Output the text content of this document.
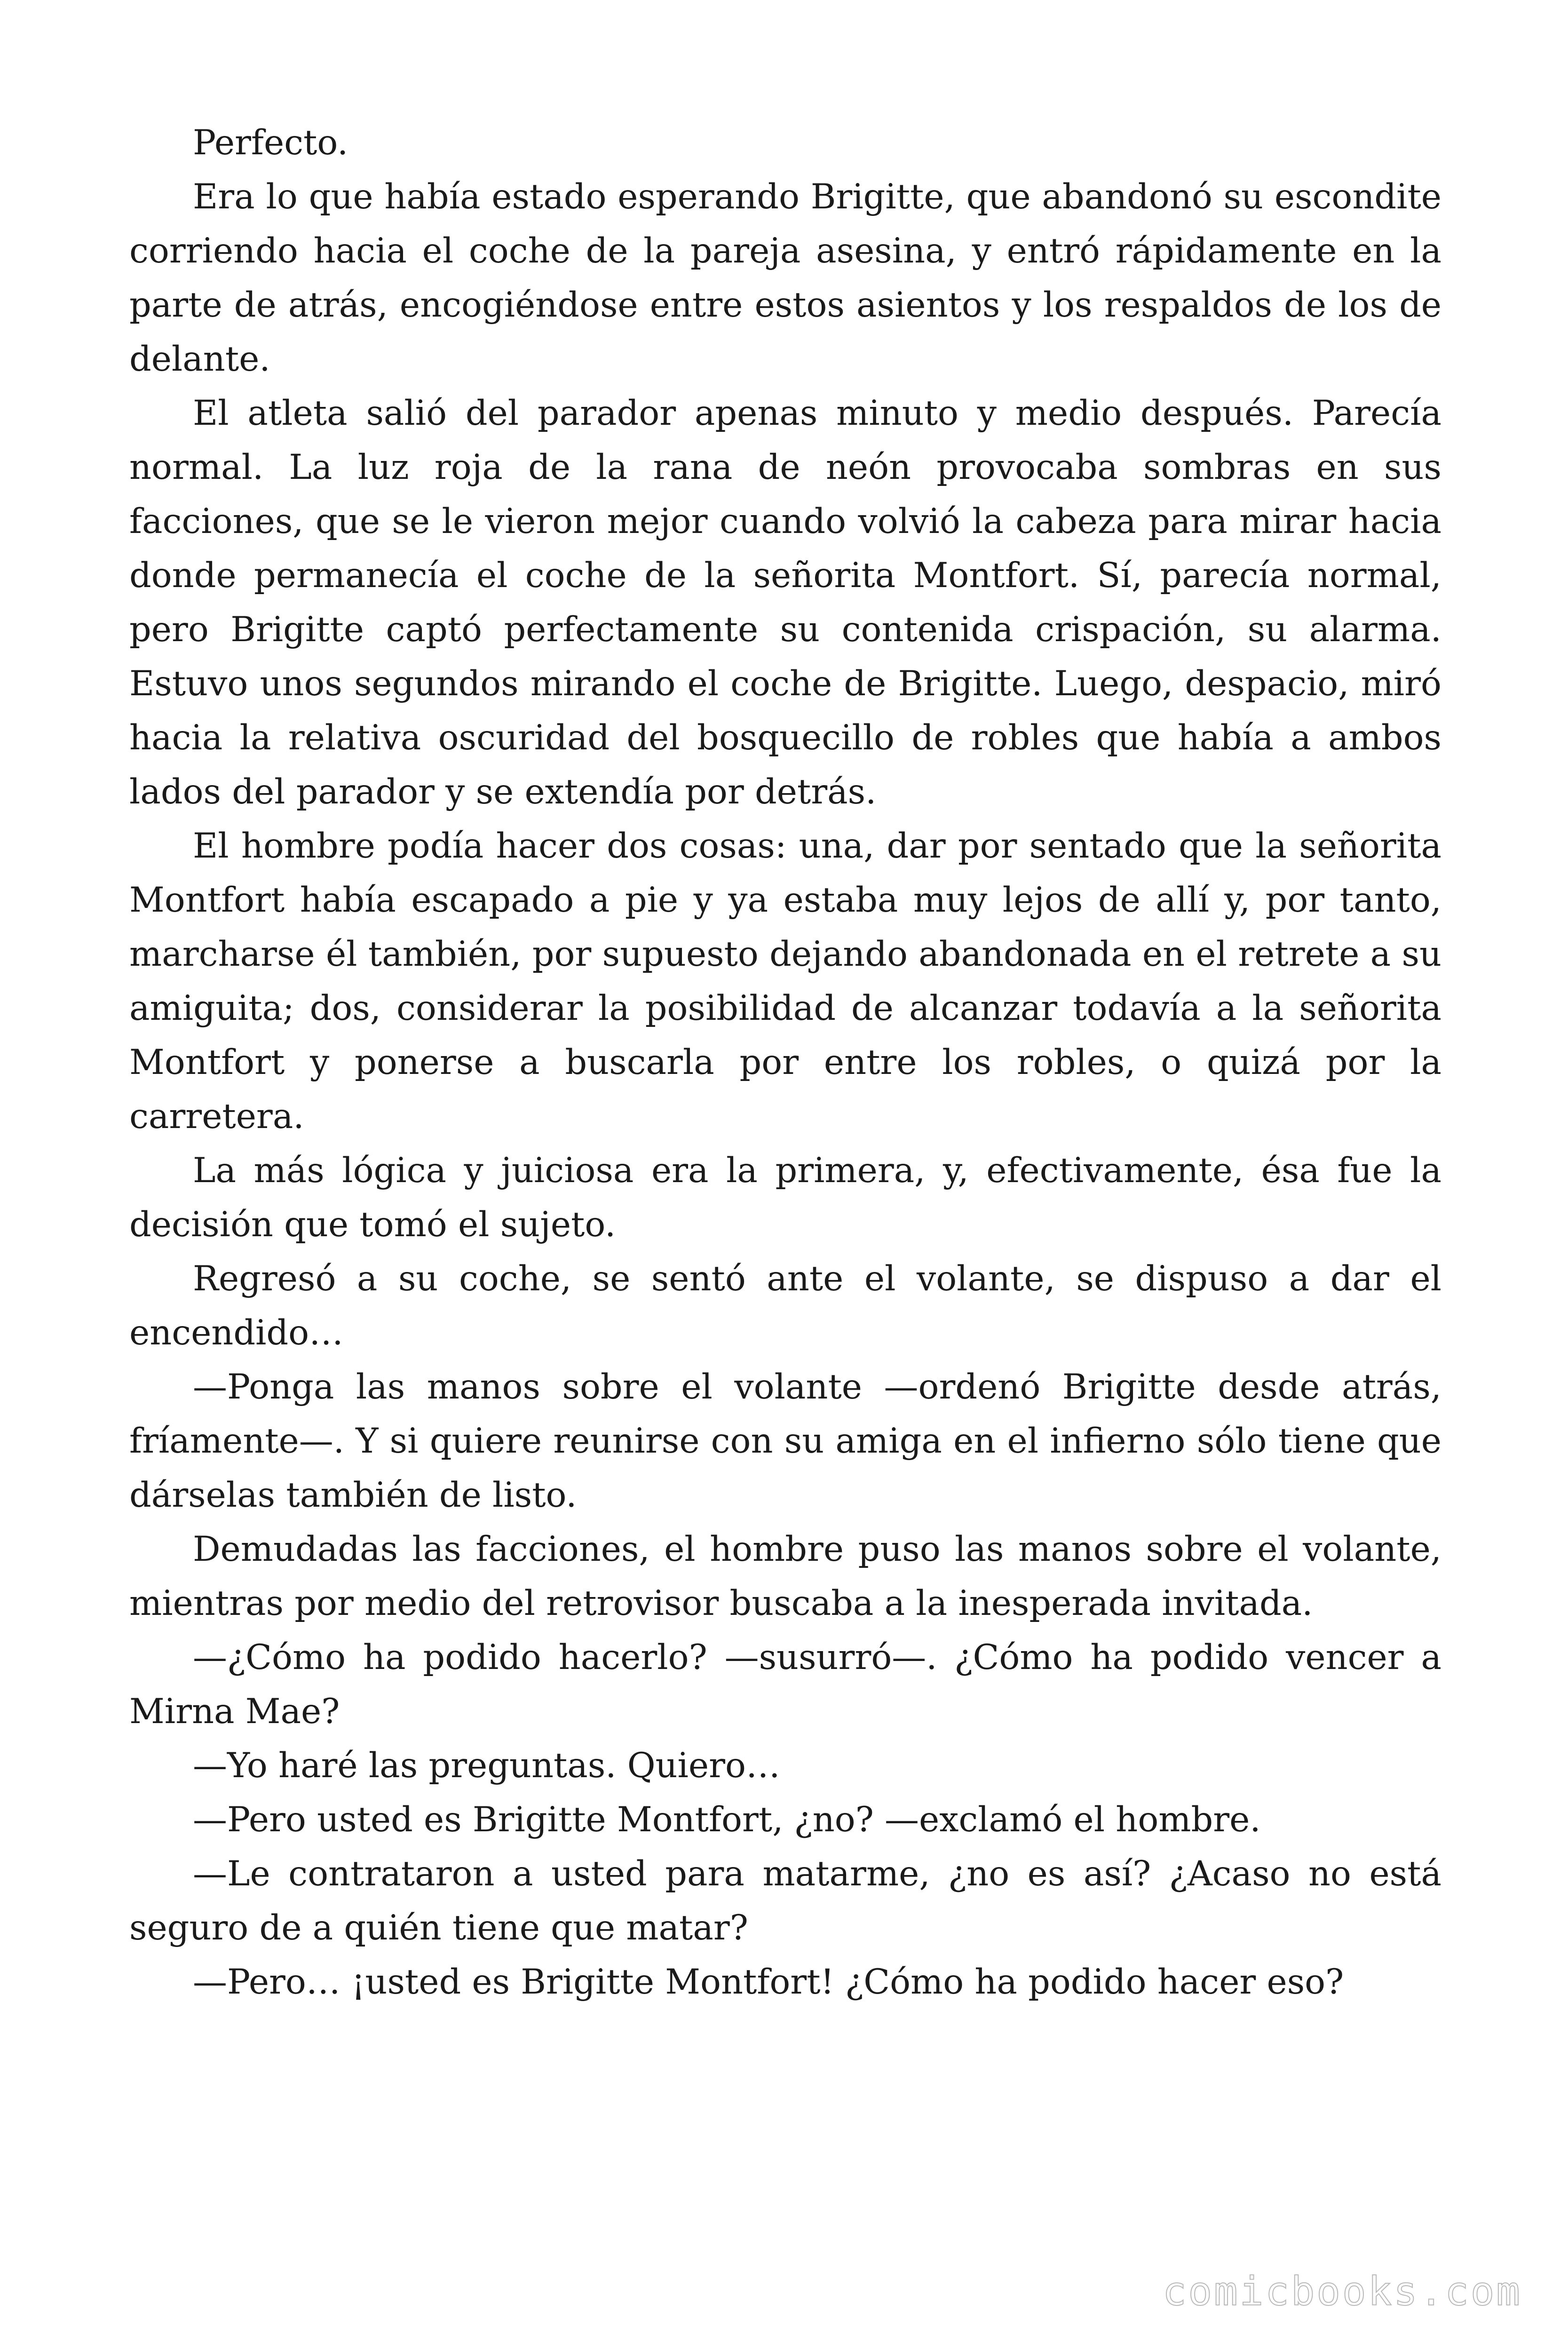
Perfecto.

Era lo que había estado esperando Brigitte, que abandonó su escondite corriendo hacia el coche de la pareja asesina, y entró rápidamente en la parte de atrás, encogiéndose entre estos asientos y los respaldos de los de delante.

El atleta salió del parador apenas minuto y medio después. Parecía normal. La luz roja de la rana de neón provocaba sombras en sus facciones, que se le vieron mejor cuando volvió la cabeza para mirar hacia donde permanecía el coche de la señorita Montfort. Sí, parecía normal, pero Brigitte captó perfectamente su contenida crispación, su alarma. Estuvo unos segundos mirando el coche de Brigitte. Luego, despacio, miró hacia la relativa oscuridad del bosquecillo de robles que había a ambos lados del parador y se extendía por detrás.

El hombre podía hacer dos cosas: una, dar por sentado que la señorita Montfort había escapado a pie y ya estaba muy lejos de allí y, por tanto, marcharse él también, por supuesto dejando abandonada en el retrete a su amiguita; dos, considerar la posibilidad de alcanzar todavía a la señorita Montfort y ponerse a buscarla por entre los robles, o quizá por la carretera.

La más lógica y juiciosa era la primera, y, efectivamente, ésa fue la decisión que tomó el sujeto.

Regresó a su coche, se sentó ante el volante, se dispuso a dar el encendido…

—Ponga las manos sobre el volante —ordenó Brigitte desde atrás, fríamente—. Y si quiere reunirse con su amiga en el infierno sólo tiene que dárselas también de listo.

Demudadas las facciones, el hombre puso las manos sobre el volante, mientras por medio del retrovisor buscaba a la inesperada invitada.

—¿Cómo ha podido hacerlo? —susurró—. ¿Cómo ha podido vencer a Mirna Mae?

—Yo haré las preguntas. Quiero…

—Pero usted es Brigitte Montfort, ¿no? —exclamó el hombre.

—Le contrataron a usted para matarme, ¿no es así? ¿Acaso no está seguro de a quién tiene que matar?

—Pero… ¡usted es Brigitte Montfort! ¿Cómo ha podido hacer eso?

comicbooks.com
